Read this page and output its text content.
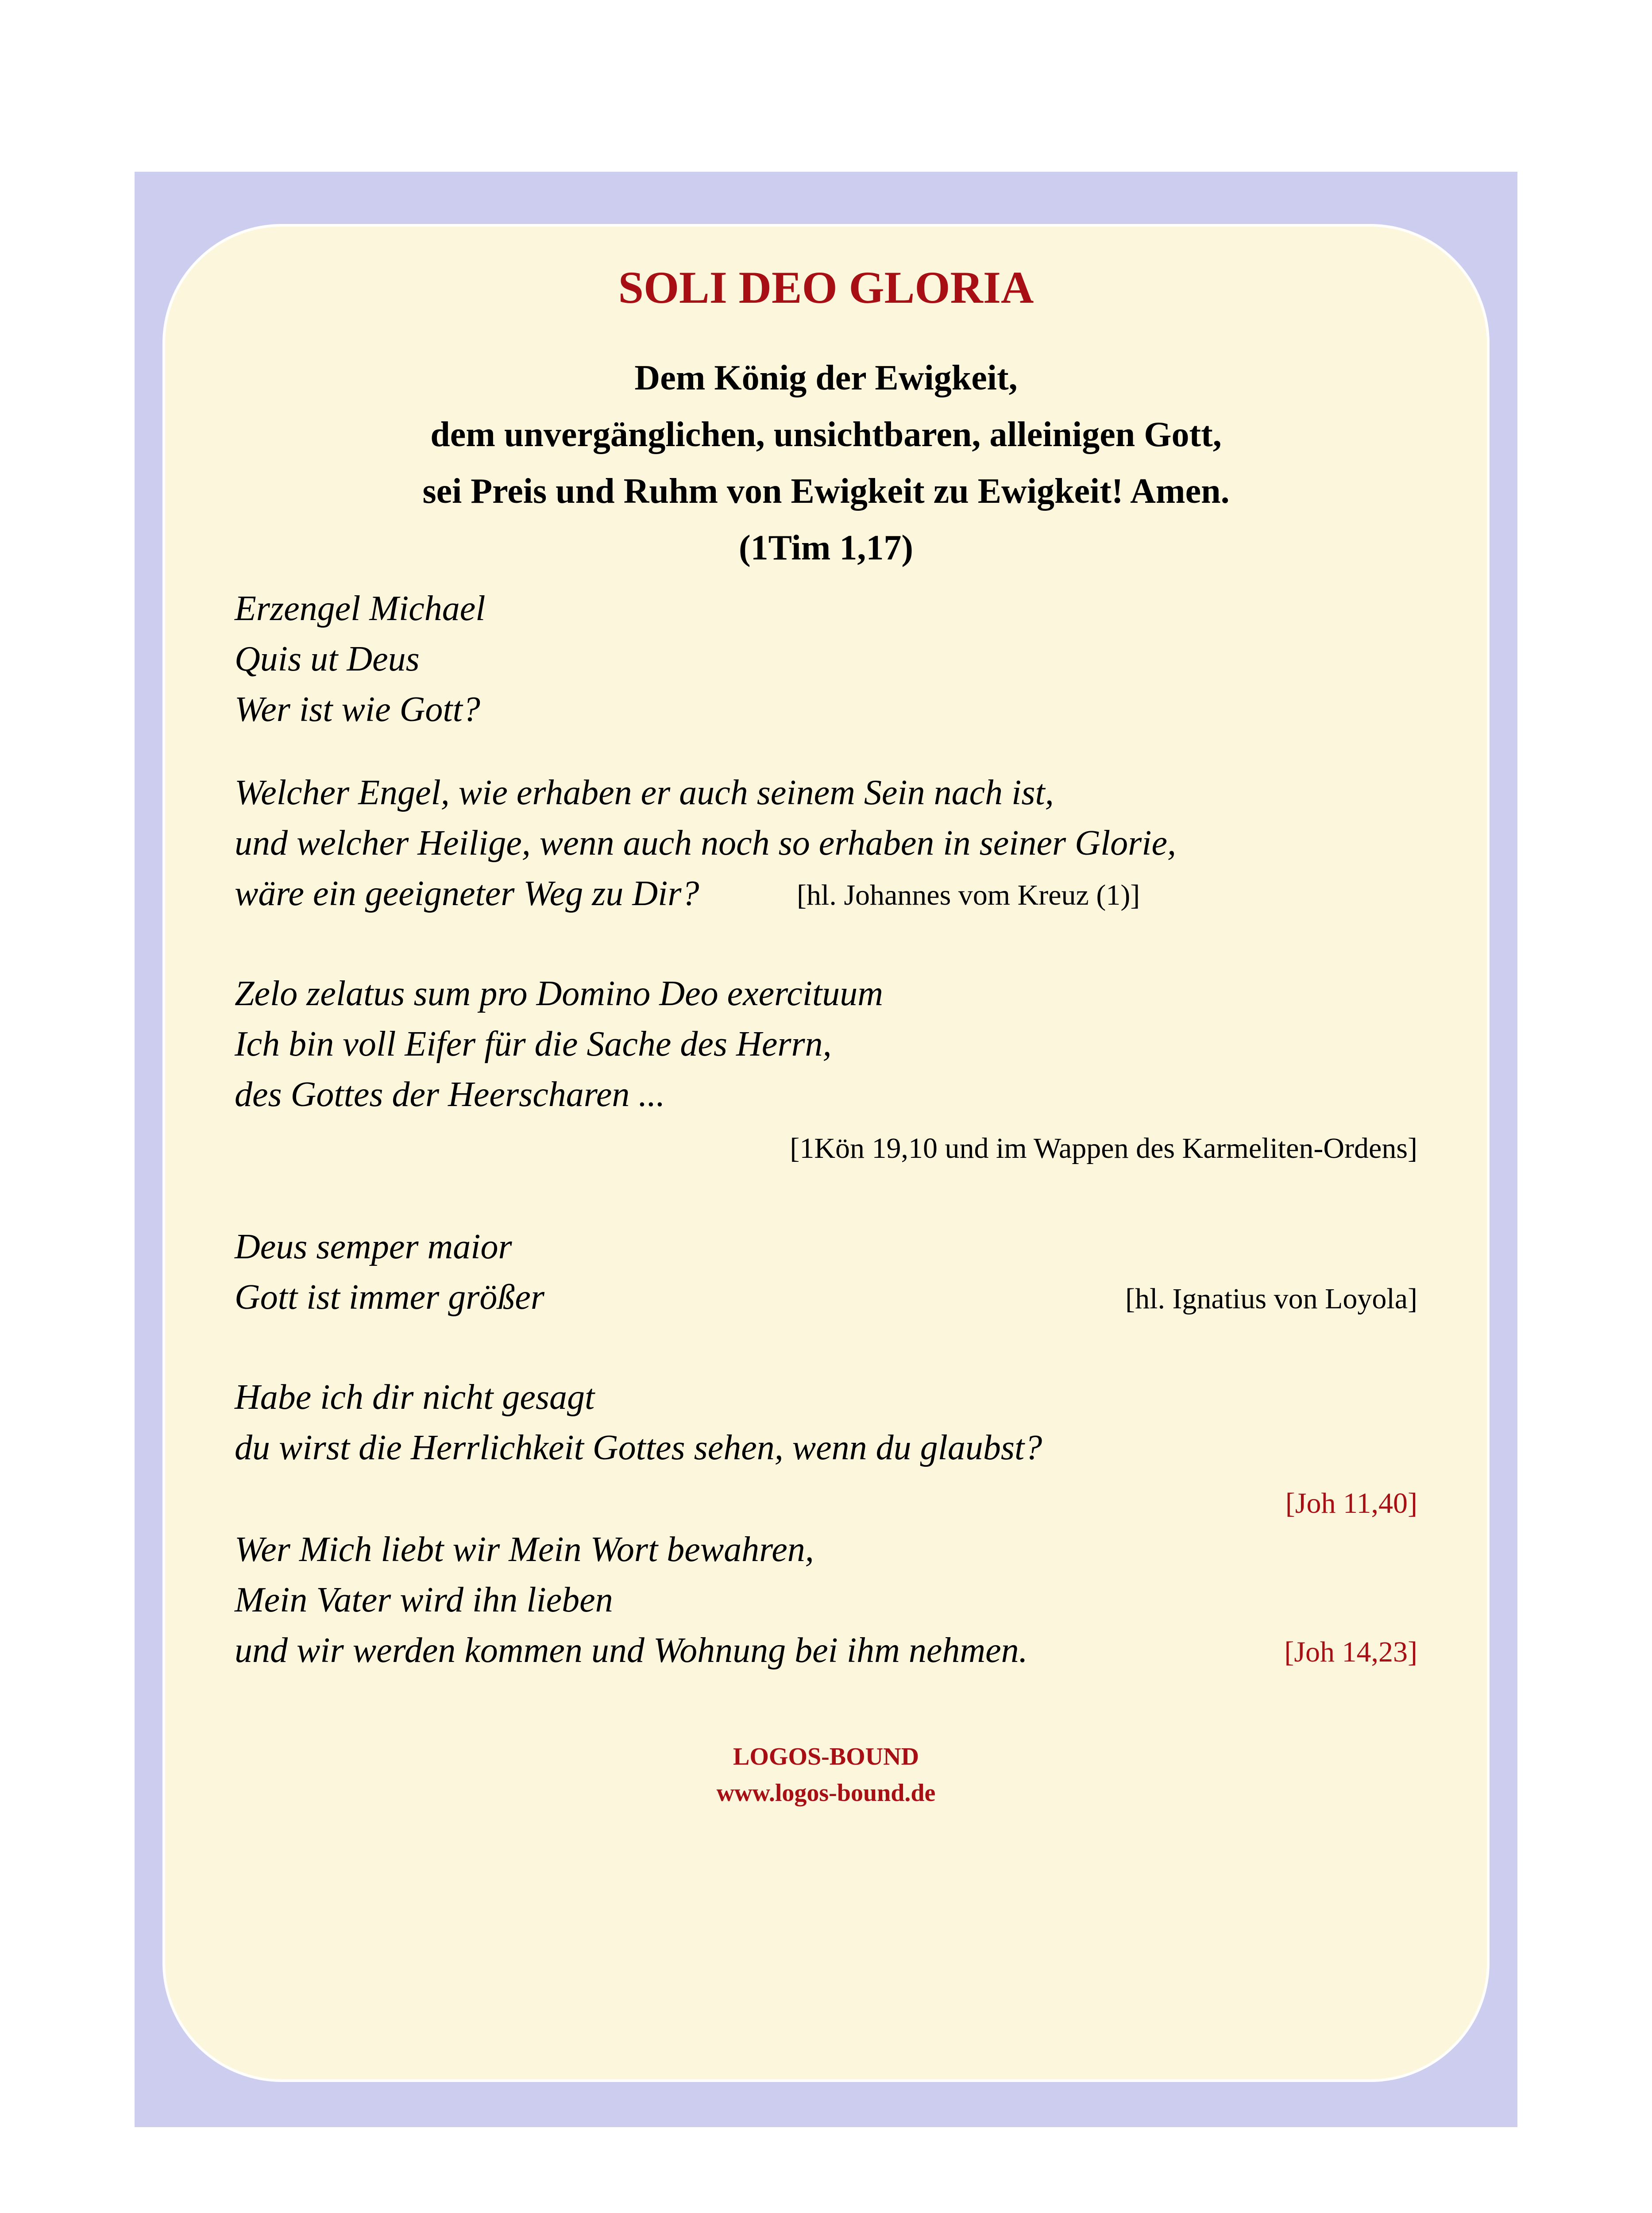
SOLI DEO GLORIA
Dem König der Ewigkeit,
dem unvergänglichen, unsichtbaren, alleinigen Gott,
sei Preis und Ruhm von Ewigkeit zu Ewigkeit! Amen.
(1Tim 1,17)
Erzengel Michael
Quis ut Deus
Wer ist wie Gott?
Welcher Engel, wie erhaben er auch seinem Sein nach ist,
und welcher Heilige, wenn auch noch so erhaben in seiner Glorie,
wäre ein geeigneter Weg zu Dir?	[hl. Johannes vom Kreuz (1)]
Zelo zelatus sum pro Domino Deo exercituum
Ich bin voll Eifer für die Sache des Herrn,
des Gottes der Heerscharen ...
[1Kön 19,10 und im Wappen des Karmeliten-Ordens]
Deus semper maior
Gott ist immer größer	[hl. Ignatius von Loyola]
Habe ich dir nicht gesagt
du wirst die Herrlichkeit Gottes sehen, wenn du glaubst?
[Joh 11,40]
Wer Mich liebt wir Mein Wort bewahren,
Mein Vater wird ihn lieben
und wir werden kommen und Wohnung bei ihm nehmen.	[Joh 14,23]
LOGOS-BOUND
www.logos-bound.de
